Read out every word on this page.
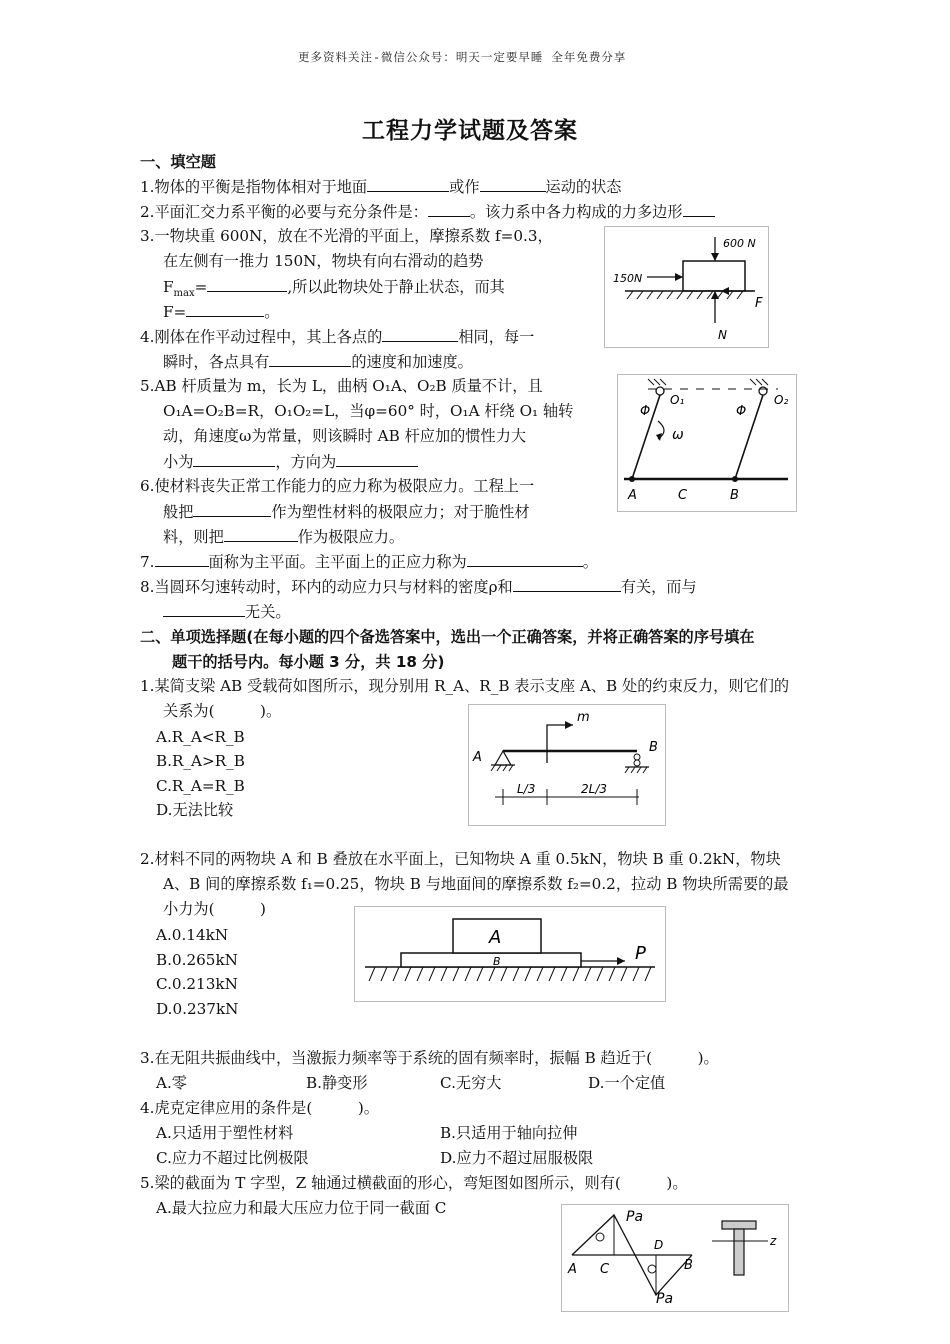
更多资料关注-微信公众号：明天一定要早睡 全年免费分享
工程力学试题及答案
一、填空题
1.物体的平衡是指物体相对于地面	或作	运动的状态
2.平面汇交力系平衡的必要与充分条件是：	。该力系中各力构成的力多边形
3.一物块重 600N，放在不光滑的平面上，摩擦系数 f=0.3，
在左侧有一推力 150N，物块有向右滑动的趋势
$F_{max}=$	,所以此物块处于静止状态，而其
F=	。
4.刚体在作平动过程中，其上各点的	相同，每一
瞬时，各点具有	的速度和加速度。
5.AB 杆质量为 m，长为 L，曲柄 O₁A、O₂B 质量不计，且
O₁A=O₂B=R，O₁O₂=L，当φ=60° 时，O₁A 杆绕 O₁ 轴转
动，角速度ω为常量，则该瞬时 AB 杆应加的惯性力大
小为	，方向为
6.使材料丧失正常工作能力的应力称为极限应力。工程上一
般把	作为塑性材料的极限应力；对于脆性材
料，则把	作为极限应力。
7.	面称为主平面。主平面上的正应力称为	。
8.当圆环匀速转动时，环内的动应力只与材料的密度ρ和	有关，而与
无关。
二、单项选择题(在每小题的四个备选答案中，选出一个正确答案，并将正确答案的序号填在
题干的括号内。每小题 3 分，共 18 分)
1.某简支梁 AB 受载荷如图所示，现分别用 R_A、R_B 表示支座 A、B 处的约束反力，则它们的
关系为(　　　)。
A.R_A<R_B
B.R_A>R_B
C.R_A=R_B
D.无法比较
2.材料不同的两物块 A 和 B 叠放在水平面上，已知物块 A 重 0.5kN，物块 B 重 0.2kN，物块
A、B 间的摩擦系数 f₁=0.25，物块 B 与地面间的摩擦系数 f₂=0.2，拉动 B 物块所需要的最
小力为(　　　)
A.0.14kN
B.0.265kN
C.0.213kN
D.0.237kN
3.在无阻共振曲线中，当激振力频率等于系统的固有频率时，振幅 B 趋近于(　　　)。
A.零	B.静变形	C.无穷大	D.一个定值
4.虎克定律应用的条件是(　　　)。
A.只适用于塑性材料	B.只适用于轴向拉伸
C.应力不超过比例极限	D.应力不超过屈服极限
5.梁的截面为 T 字型，Z 轴通过横截面的形心，弯矩图如图所示，则有(　　　)。
A.最大拉应力和最大压应力位于同一截面 C
600 N
150N
F
N
O₁	O₂
Φ	Φ
ω
A	C	B
A
B
m
L/3	2L/3
A
B	P
Pa
Pa
A C
D
B
z
